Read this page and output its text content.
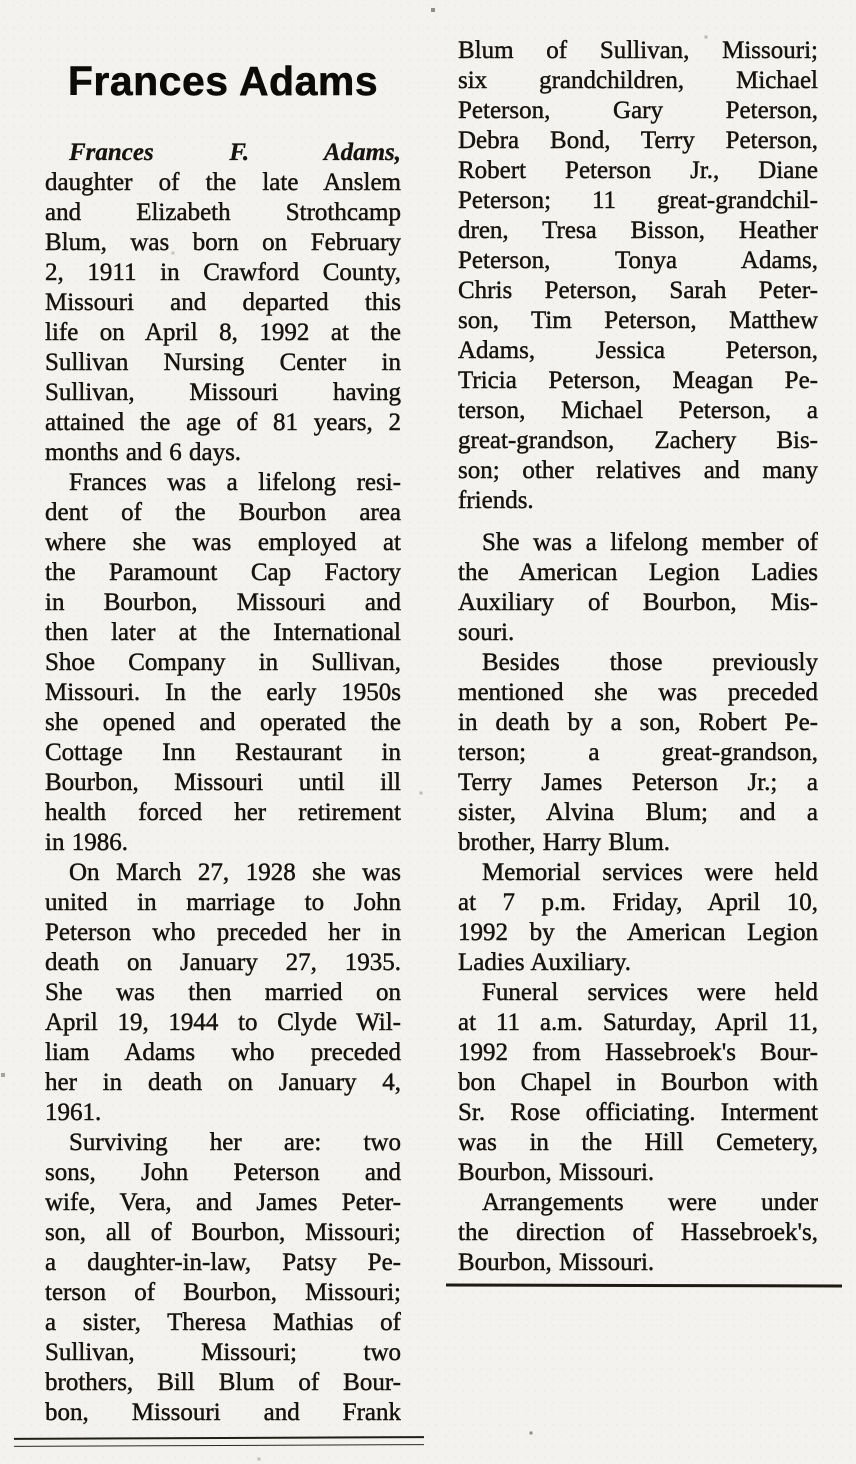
Frances Adams
Frances F. Adams,
daughter of the late Anslem
and Elizabeth Strothcamp
Blum, was born on February
2, 1911 in Crawford County,
Missouri and departed this
life on April 8, 1992 at the
Sullivan Nursing Center in
Sullivan, Missouri having
attained the age of 81 years, 2
months and 6 days.
Frances was a lifelong resi-
dent of the Bourbon area
where she was employed at
the Paramount Cap Factory
in Bourbon, Missouri and
then later at the International
Shoe Company in Sullivan,
Missouri. In the early 1950s
she opened and operated the
Cottage Inn Restaurant in
Bourbon, Missouri until ill
health forced her retirement
in 1986.
On March 27, 1928 she was
united in marriage to John
Peterson who preceded her in
death on January 27, 1935.
She was then married on
April 19, 1944 to Clyde Wil-
liam Adams who preceded
her in death on January 4,
1961.
Surviving her are: two
sons, John Peterson and
wife, Vera, and James Peter-
son, all of Bourbon, Missouri;
a daughter-in-law, Patsy Pe-
terson of Bourbon, Missouri;
a sister, Theresa Mathias of
Sullivan, Missouri; two
brothers, Bill Blum of Bour-
bon, Missouri and Frank
Blum of Sullivan, Missouri;
six grandchildren, Michael
Peterson, Gary Peterson,
Debra Bond, Terry Peterson,
Robert Peterson Jr., Diane
Peterson; 11 great-grandchil-
dren, Tresa Bisson, Heather
Peterson, Tonya Adams,
Chris Peterson, Sarah Peter-
son, Tim Peterson, Matthew
Adams, Jessica Peterson,
Tricia Peterson, Meagan Pe-
terson, Michael Peterson, a
great-grandson, Zachery Bis-
son; other relatives and many
friends.
She was a lifelong member of
the American Legion Ladies
Auxiliary of Bourbon, Mis-
souri.
Besides those previously
mentioned she was preceded
in death by a son, Robert Pe-
terson; a great-grandson,
Terry James Peterson Jr.; a
sister, Alvina Blum; and a
brother, Harry Blum.
Memorial services were held
at 7 p.m. Friday, April 10,
1992 by the American Legion
Ladies Auxiliary.
Funeral services were held
at 11 a.m. Saturday, April 11,
1992 from Hassebroek's Bour-
bon Chapel in Bourbon with
Sr. Rose officiating. Interment
was in the Hill Cemetery,
Bourbon, Missouri.
Arrangements were under
the direction of Hassebroek's,
Bourbon, Missouri.
